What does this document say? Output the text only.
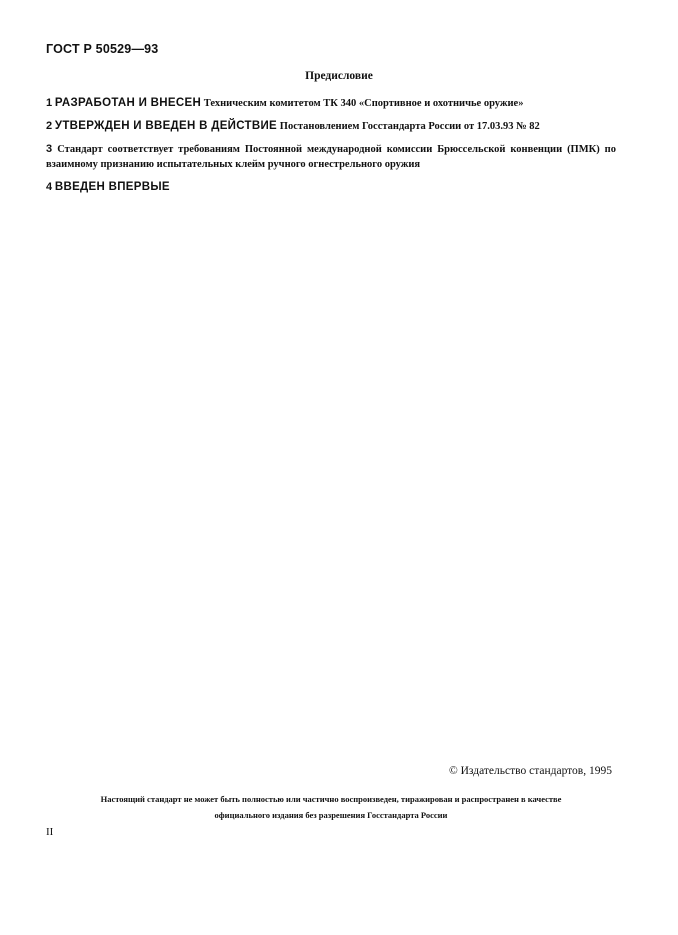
ГОСТ Р 50529—93
Предисловие
1 РАЗРАБОТАН И ВНЕСЕН Техническим комитетом ТК 340 «Спортивное и охотничье оружие»
2 УТВЕРЖДЕН И ВВЕДЕН В ДЕЙСТВИЕ Постановлением Госстандарта России от 17.03.93 № 82
3 Стандарт соответствует требованиям Постоянной международной комиссии Брюссельской конвенции (ПМК) по взаимному признанию испытательных клейм ручного огнестрельного оружия
4 ВВЕДЕН ВПЕРВЫЕ
© Издательство стандартов, 1995
Настоящий стандарт не может быть полностью или частично воспроизведен, тиражирован и распространен в качестве
официального издания без разрешения Госстандарта России
II
